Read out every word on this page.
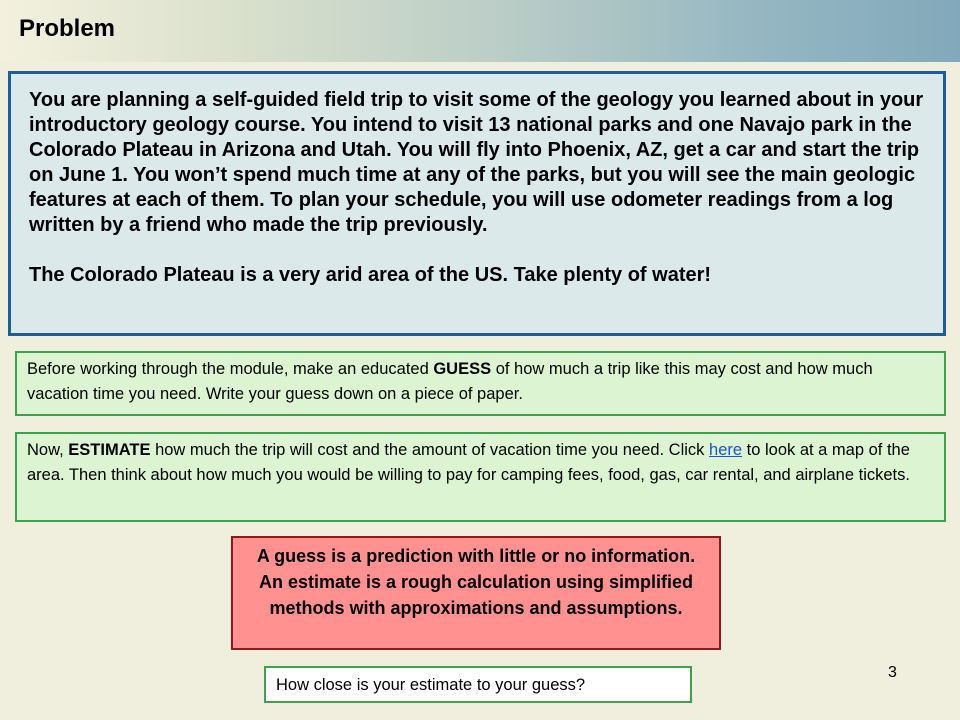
Problem

You are planning a self-guided field trip to visit some of the geology you learned about in your introductory geology course. You intend to visit 13 national parks and one Navajo park in the Colorado Plateau in Arizona and Utah. You will fly into Phoenix, AZ, get a car and start the trip on June 1. You won’t spend much time at any of the parks, but you will see the main geologic features at each of them. To plan your schedule, you will use odometer readings from a log written by a friend who made the trip previously.

The Colorado Plateau is a very arid area of the US. Take plenty of water!

Before working through the module, make an educated GUESS of how much a trip like this may cost and how much vacation time you need. Write your guess down on a piece of paper.

Now, ESTIMATE how much the trip will cost and the amount of vacation time you need. Click here to look at a map of the area. Then think about how much you would be willing to pay for camping fees, food, gas, car rental, and airplane tickets.

A guess is a prediction with little or no information. An estimate is a rough calculation using simplified methods with approximations and assumptions.
3
How close is your estimate to your guess?
